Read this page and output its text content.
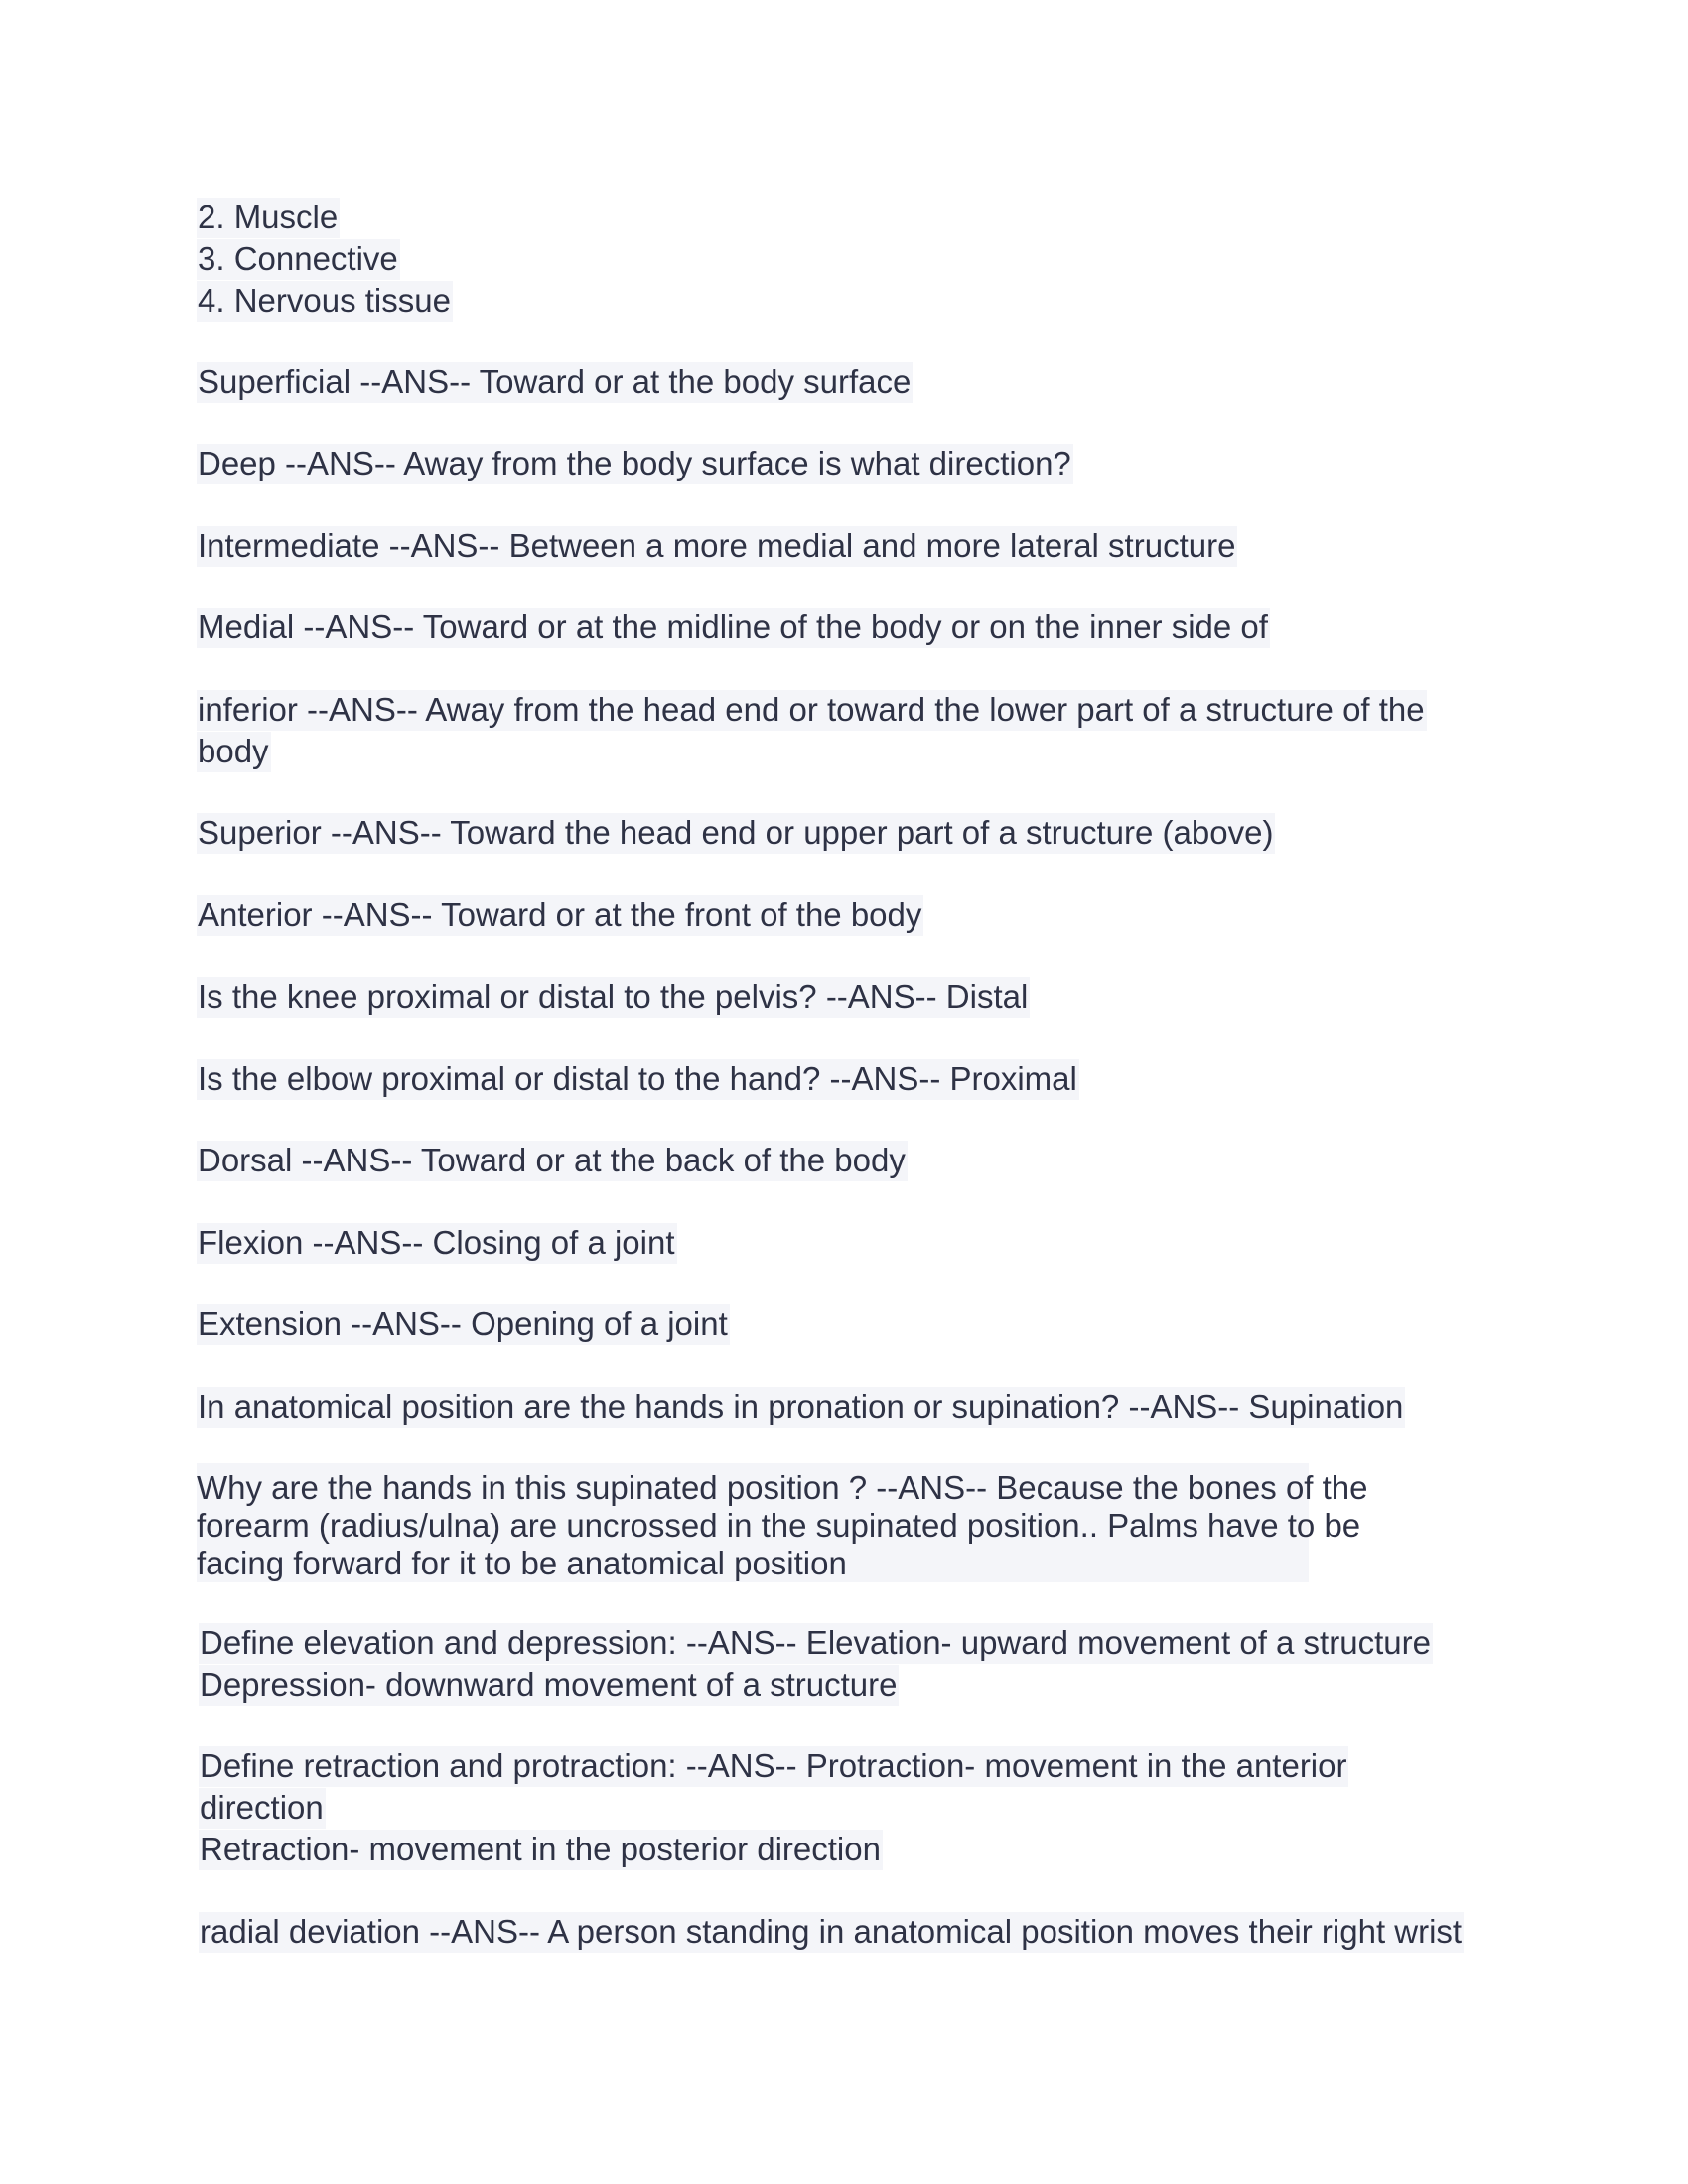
2. Muscle

3. Connective

4. Nervous tissue

Superficial --ANS-- Toward or at the body surface

Deep --ANS-- Away from the body surface is what direction?

Intermediate --ANS-- Between a more medial and more lateral structure

Medial --ANS-- Toward or at the midline of the body or on the inner side of

inferior --ANS-- Away from the head end or toward the lower part of a structure of the

body

Superior --ANS-- Toward the head end or upper part of a structure (above)

Anterior --ANS-- Toward or at the front of the body

Is the knee proximal or distal to the pelvis? --ANS-- Distal

Is the elbow proximal or distal to the hand? --ANS-- Proximal

Dorsal --ANS-- Toward or at the back of the body

Flexion --ANS-- Closing of a joint

Extension --ANS-- Opening of a joint

In anatomical position are the hands in pronation or supination? --ANS-- Supination

Why are the hands in this supinated position ? --ANS-- Because the bones of the

forearm (radius/ulna) are uncrossed in the supinated position.. Palms have to be

facing forward for it to be anatomical position

Define elevation and depression: --ANS-- Elevation- upward movement of a structure

Depression- downward movement of a structure

Define retraction and protraction: --ANS-- Protraction- movement in the anterior

direction

Retraction- movement in the posterior direction

radial deviation --ANS-- A person standing in anatomical position moves their right wrist
